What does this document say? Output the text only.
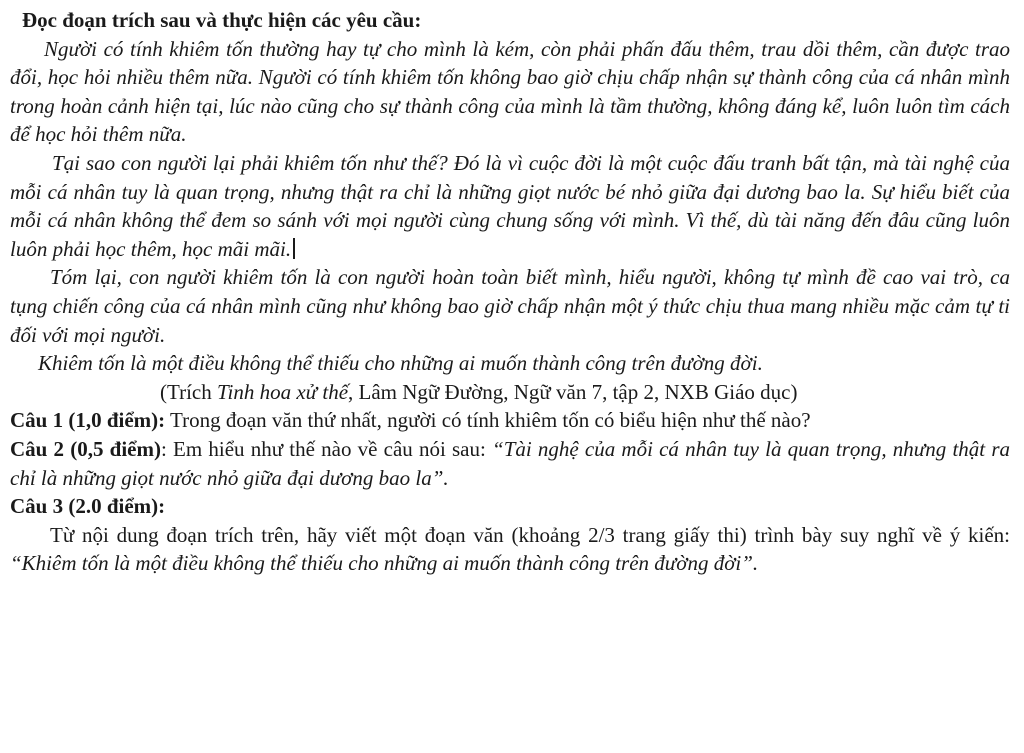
Đọc đoạn trích sau và thực hiện các yêu cầu:

Người có tính khiêm tốn thường hay tự cho mình là kém, còn phải phấn đấu thêm, trau dồi thêm, cần được trao đổi, học hỏi nhiều thêm nữa. Người có tính khiêm tốn không bao giờ chịu chấp nhận sự thành công của cá nhân mình trong hoàn cảnh hiện tại, lúc nào cũng cho sự thành công của mình là tầm thường, không đáng kể, luôn luôn tìm cách để học hỏi thêm nữa.

Tại sao con người lại phải khiêm tốn như thế? Đó là vì cuộc đời là một cuộc đấu tranh bất tận, mà tài nghệ của mỗi cá nhân tuy là quan trọng, nhưng thật ra chỉ là những giọt nước bé nhỏ giữa đại dương bao la. Sự hiểu biết của mỗi cá nhân không thể đem so sánh với mọi người cùng chung sống với mình. Vì thế, dù tài năng đến đâu cũng luôn luôn phải học thêm, học mãi mãi.

Tóm lại, con người khiêm tốn là con người hoàn toàn biết mình, hiểu người, không tự mình đề cao vai trò, ca tụng chiến công của cá nhân mình cũng như không bao giờ chấp nhận một ý thức chịu thua mang nhiều mặc cảm tự ti đối với mọi người.

Khiêm tốn là một điều không thể thiếu cho những ai muốn thành công trên đường đời.

(Trích Tinh hoa xử thế, Lâm Ngữ Đường, Ngữ văn 7, tập 2, NXB Giáo dục)

Câu 1 (1,0 điểm): Trong đoạn văn thứ nhất, người có tính khiêm tốn có biểu hiện như thế nào?

Câu 2 (0,5 điểm): Em hiểu như thế nào về câu nói sau: “Tài nghệ của mỗi cá nhân tuy là quan trọng, nhưng thật ra chỉ là những giọt nước nhỏ giữa đại dương bao la”.

Câu 3 (2.0 điểm):

Từ nội dung đoạn trích trên, hãy viết một đoạn văn (khoảng 2/3 trang giấy thi) trình bày suy nghĩ về ý kiến: “Khiêm tốn là một điều không thể thiếu cho những ai muốn thành công trên đường đời”.
